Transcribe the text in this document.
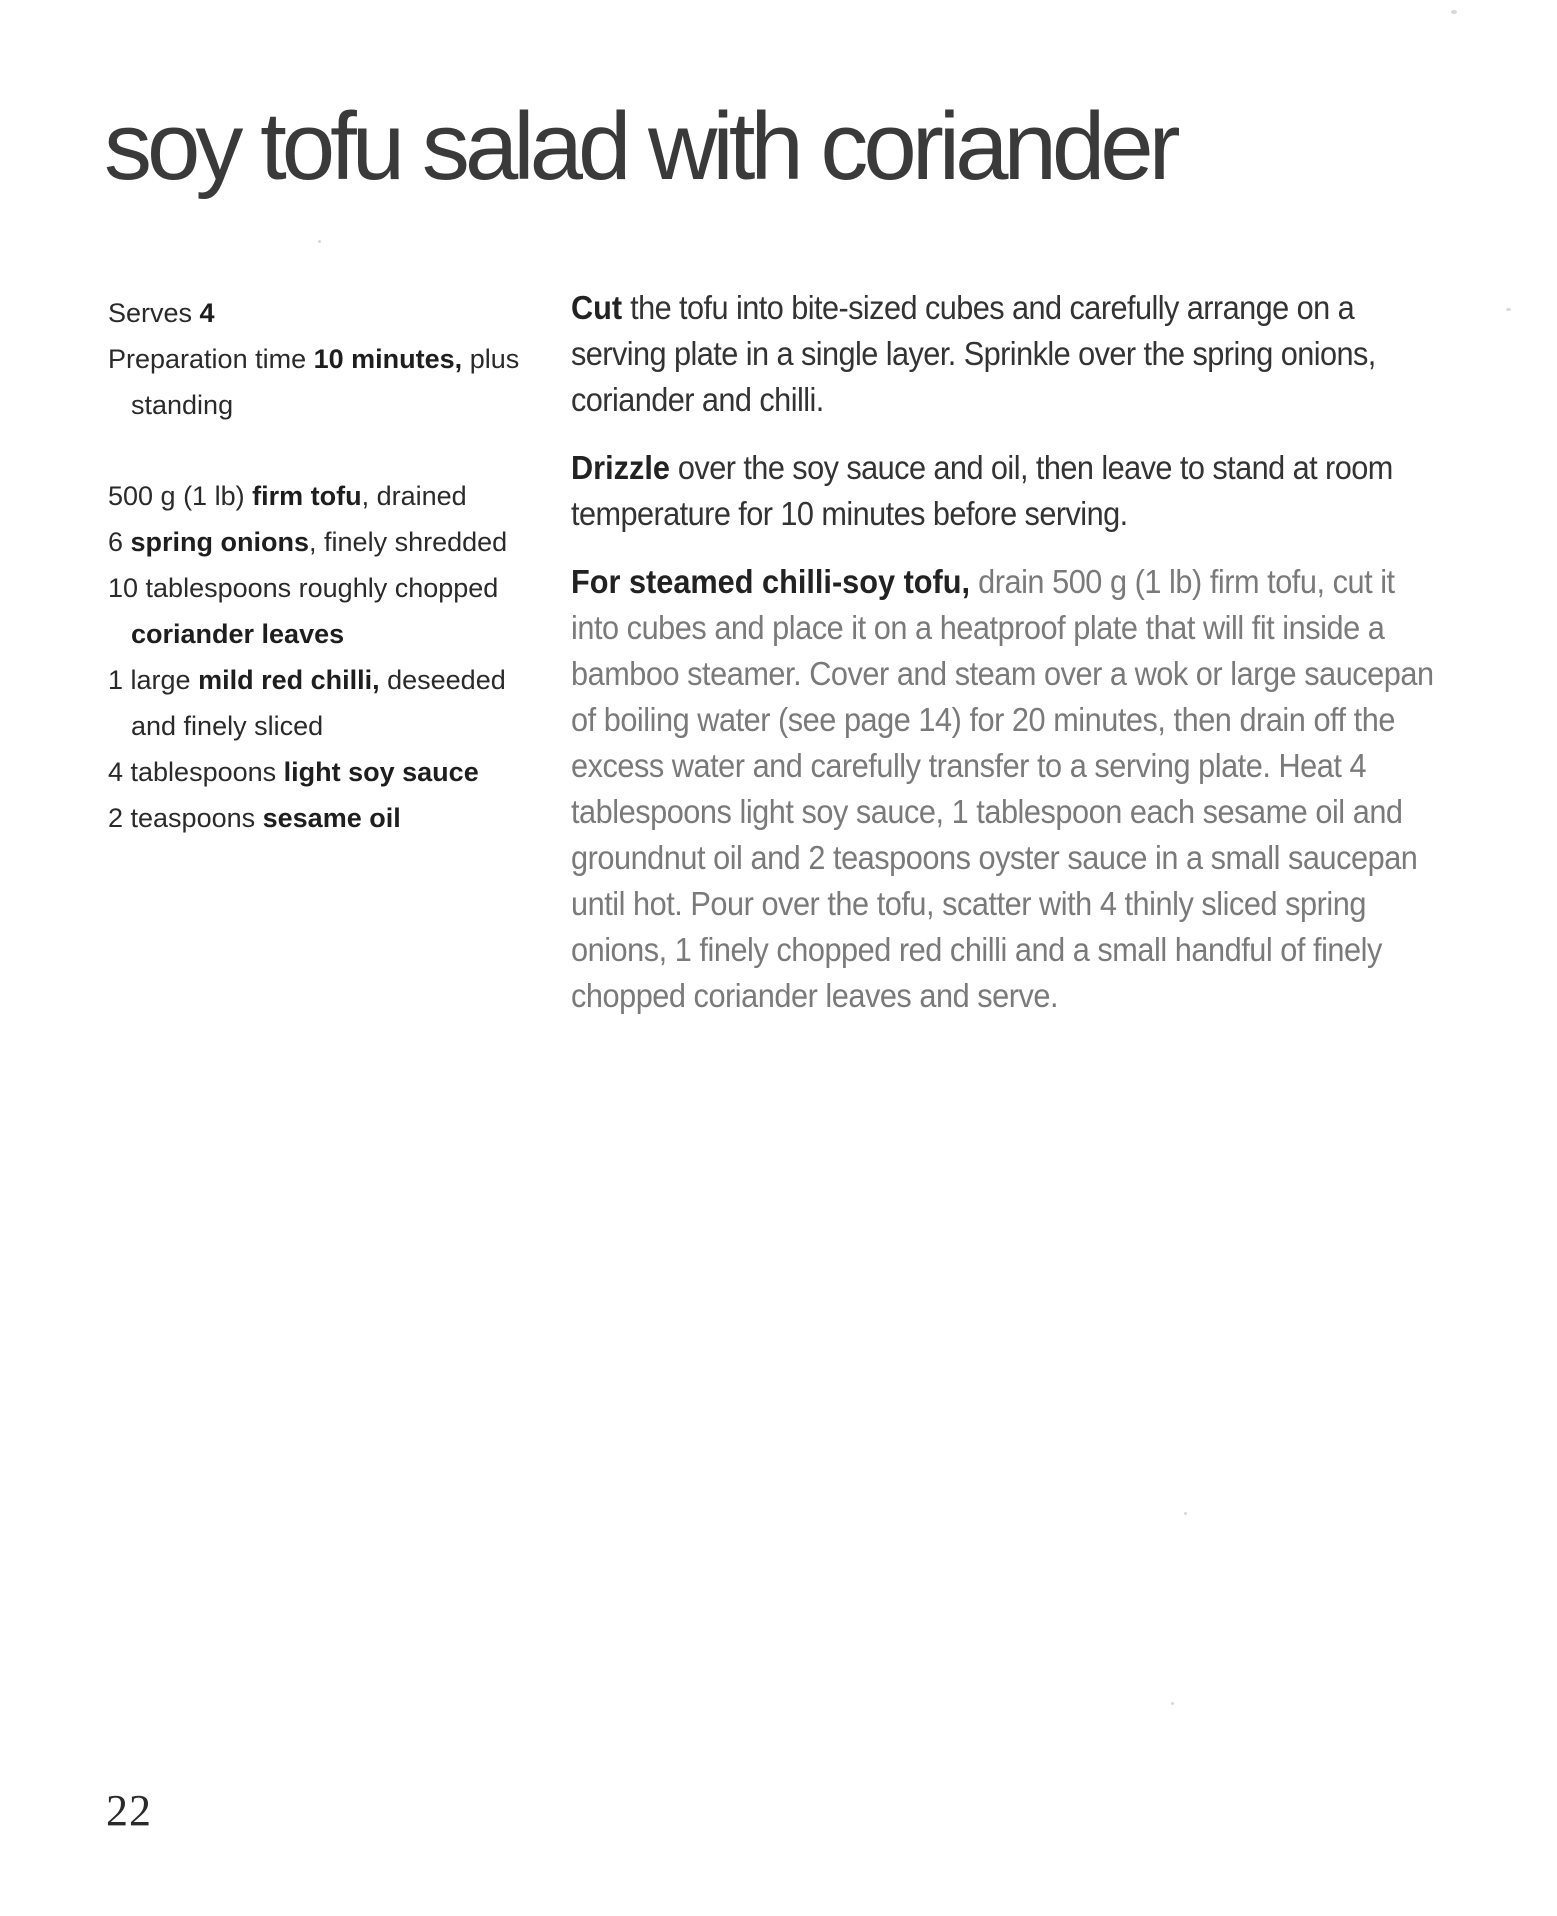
soy tofu salad with coriander

Serves 4

Preparation time 10 minutes, plus standing

500 g (1 lb) firm tofu, drained

6 spring onions, finely shredded

10 tablespoons roughly chopped coriander leaves

1 large mild red chilli, deseeded and finely sliced

4 tablespoons light soy sauce

2 teaspoons sesame oil

Cut the tofu into bite-sized cubes and carefully arrange on a serving plate in a single layer. Sprinkle over the spring onions, coriander and chilli.

Drizzle over the soy sauce and oil, then leave to stand at room temperature for 10 minutes before serving.

For steamed chilli-soy tofu, drain 500 g (1 lb) firm tofu, cut it into cubes and place it on a heatproof plate that will fit inside a bamboo steamer. Cover and steam over a wok or large saucepan of boiling water (see page 14) for 20 minutes, then drain off the excess water and carefully transfer to a serving plate. Heat 4 tablespoons light soy sauce, 1 tablespoon each sesame oil and groundnut oil and 2 teaspoons oyster sauce in a small saucepan until hot. Pour over the tofu, scatter with 4 thinly sliced spring onions, 1 finely chopped red chilli and a small handful of finely chopped coriander leaves and serve.

22
